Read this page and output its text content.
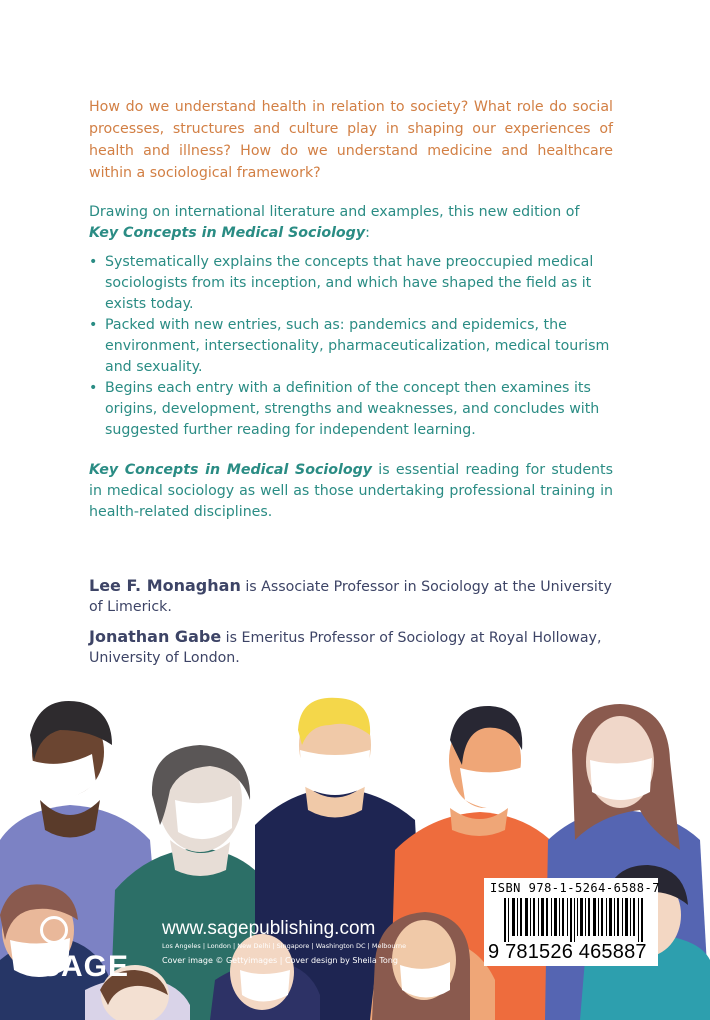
How do we understand health in relation to society? What role do social processes, structures and culture play in shaping our experiences of health and illness? How do we understand medicine and healthcare within a sociological framework?
Drawing on international literature and examples, this new edition of Key Concepts in Medical Sociology:
• Systematically explains the concepts that have preoccupied medical sociologists from its inception, and which have shaped the field as it exists today.
• Packed with new entries, such as: pandemics and epidemics, the environment, intersectionality, pharmaceuticalization, medical tourism and sexuality.
• Begins each entry with a definition of the concept then examines its origins, development, strengths and weaknesses, and concludes with suggested further reading for independent learning.
Key Concepts in Medical Sociology is essential reading for students in medical sociology as well as those undertaking professional training in health-related disciplines.

Lee F. Monaghan is Associate Professor in Sociology at the University of Limerick.

Jonathan Gabe is Emeritus Professor of Sociology at Royal Holloway, University of London.

SAGE
www.sagepublishing.com
Los Angeles | London | New Delhi | Singapore | Washington DC | Melbourne
Cover image © Gettyimages | Cover design by Sheila Tong
ISBN 978-1-5264-6588-7
9 781526 465887
